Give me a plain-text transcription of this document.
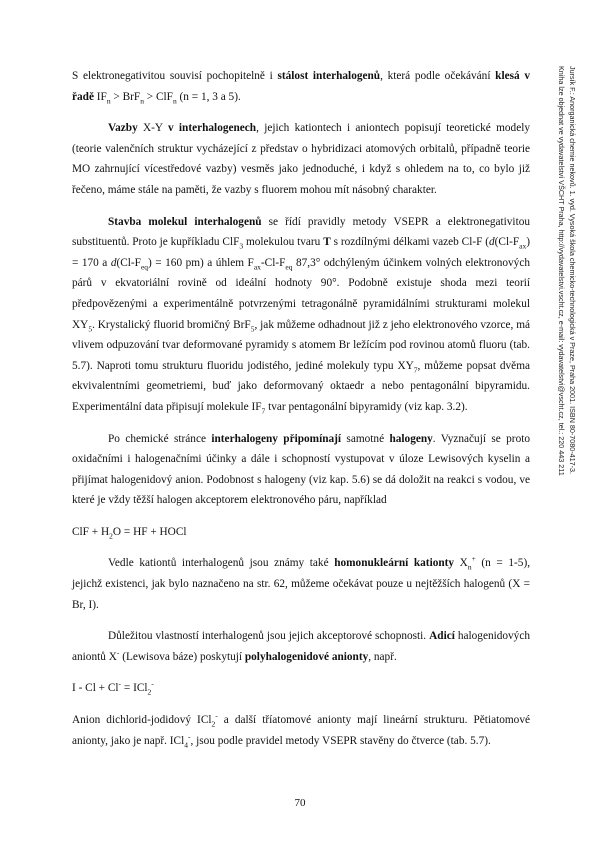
S elektronegativitou souvisí pochopitelně i stálost interhalogenů, která podle očekávání klesá v řadě $IF_n > BrF_n > ClF_n$ (n = 1, 3 a 5).

Vazby X-Y v interhalogenech, jejich kationtech i aniontech popisují teoretické modely (teorie valenčních struktur vycházející z představ o hybridizaci atomových orbitalů, případně teorie MO zahrnující vícestředové vazby) vesměs jako jednoduché, i když s ohledem na to, co bylo již řečeno, máme stále na paměti, že vazby s fluorem mohou mít násobný charakter.

Stavba molekul interhalogenů se řídí pravidly metody VSEPR a elektronegativitou substituentů. Proto je kupříkladu ClF$_3$ molekulou tvaru T s rozdílnými délkami vazeb Cl-F ($d(Cl-F_{ax}) = 170$ a $d(Cl-F_{eq}) = 160$ pm) a úhlem $F_{ax}-Cl-F_{eq}$ 87,3° odchýleným účinkem volných elektronových párů v ekvatoriální rovině od ideální hodnoty 90°. Podobně existuje shoda mezi teorií předpovězenými a experimentálně potvrzenými tetragonálně pyramidálními strukturami molekul $XY_5$. Krystalický fluorid bromičný BrF$_5$, jak můžeme odhadnout již z jeho elektronového vzorce, má vlivem odpuzování tvar deformované pyramidy s atomem Br ležícím pod rovinou atomů fluoru (tab. 5.7). Naproti tomu strukturu fluoridu jodistého, jediné molekuly typu $XY_7$, můžeme popsat dvěma ekvivalentními geometriemi, buď jako deformovaný oktaedr a nebo pentagonální bipyramidu. Experimentální data připisují molekule $IF_7$ tvar pentagonální bipyramidy (viz kap. 3.2).

Po chemické stránce interhalogeny připomínají samotné halogeny. Vyznačují se proto oxidačními i halogenačními účinky a dále i schopností vystupovat v úloze Lewisových kyselin a přijímat halogenidový anion. Podobnost s halogeny (viz kap. 5.6) se dá doložit na reakci s vodou, ve které je vždy těžší halogen akceptorem elektronového páru, například

ClF + $H_2O$ = HF + HOCl

Vedle kationtů interhalogenů jsou známy také homonukleární kationty $X_n^+$ (n = 1-5), jejichž existenci, jak bylo naznačeno na str. 62, můžeme očekávat pouze u nejtěžších halogenů (X = Br, I).

Důležitou vlastností interhalogenů jsou jejich akceptorové schopnosti. Adicí halogenidových aniontů X- (Lewisova báze) poskytují polyhalogenidové anionty, např.

I - Cl + Cl- = ICl$_2$-

Anion dichlorid-jodidový ICl$_2$- a další tříatomové anionty mají lineární strukturu. Pětiatomové anionty, jako je např. ICl$_4$-, jsou podle pravidel metody VSEPR stavěny do čtverce (tab. 5.7).

Jursík F.: Anorganická chemie nekovů. 1. vyd. Vysoká škola chemicko-technologická v Praze, Praha 2001. ISBN 80-7080-417-3.
Kniha lze objednat ve vydavatelství VŠCHT Praha, http://vydavatelstvi.vscht.cz, e-mail: vydavatelstvi@vscht.cz, tel.: 220 443 211
70
